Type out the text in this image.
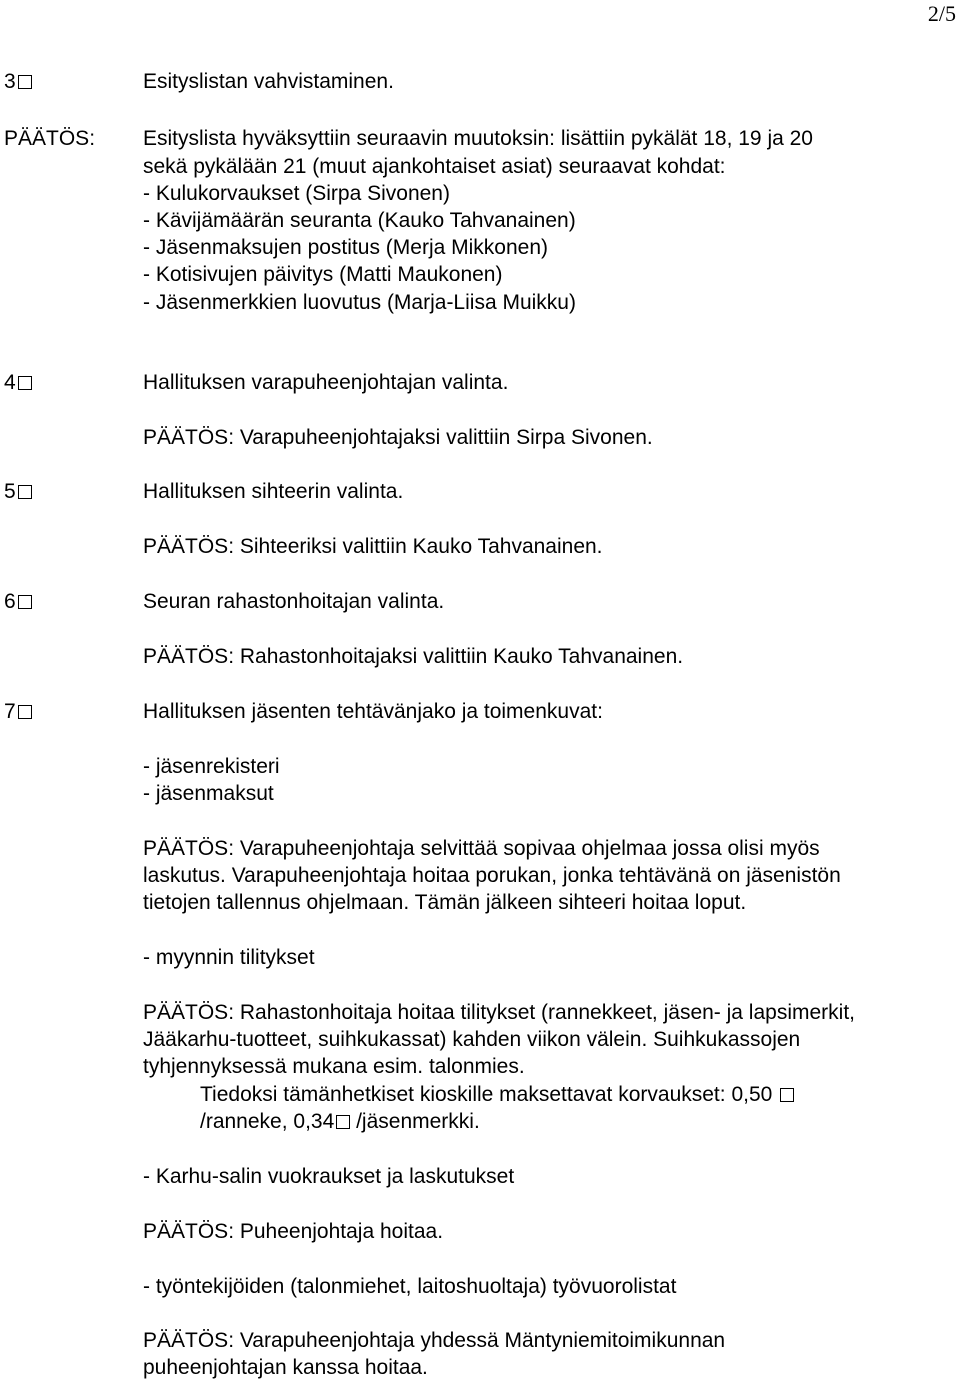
2/5
3	Esityslistan vahvistaminen.
PÄÄTÖS: Esityslista hyväksyttiin seuraavin muutoksin: lisättiin pykälät 18, 19 ja 20
sekä pykälään 21 (muut ajankohtaiset asiat) seuraavat kohdat:
- Kulukorvaukset (Sirpa Sivonen)
- Kävijämäärän seuranta (Kauko Tahvanainen)
- Jäsenmaksujen postitus (Merja Mikkonen)
- Kotisivujen päivitys (Matti Maukonen)
- Jäsenmerkkien luovutus (Marja-Liisa Muikku)
4	Hallituksen varapuheenjohtajan valinta.
PÄÄTÖS: Varapuheenjohtajaksi valittiin Sirpa Sivonen.
5	Hallituksen sihteerin valinta.
PÄÄTÖS: Sihteeriksi valittiin Kauko Tahvanainen.
6	Seuran rahastonhoitajan valinta.
PÄÄTÖS: Rahastonhoitajaksi valittiin Kauko Tahvanainen.
7	Hallituksen jäsenten tehtävänjako ja toimenkuvat:
- jäsenrekisteri
- jäsenmaksut
PÄÄTÖS: Varapuheenjohtaja selvittää sopivaa ohjelmaa jossa olisi myös
laskutus. Varapuheenjohtaja hoitaa porukan, jonka tehtävänä on jäsenistön
tietojen tallennus ohjelmaan. Tämän jälkeen sihteeri hoitaa loput.
- myynnin tilitykset
PÄÄTÖS: Rahastonhoitaja hoitaa tilitykset (rannekkeet, jäsen- ja lapsimerkit,
Jääkarhu-tuotteet, suihkukassat) kahden viikon välein. Suihkukassojen
tyhjennyksessä mukana esim. talonmies.
Tiedoksi tämänhetkiset kioskille maksettavat korvaukset: 0,50
/ranneke, 0,34 /jäsenmerkki.
- Karhu-salin vuokraukset ja laskutukset
PÄÄTÖS: Puheenjohtaja hoitaa.
- työntekijöiden (talonmiehet, laitoshuoltaja) työvuorolistat
PÄÄTÖS: Varapuheenjohtaja yhdessä Mäntyniemitoimikunnan
puheenjohtajan kanssa hoitaa.
